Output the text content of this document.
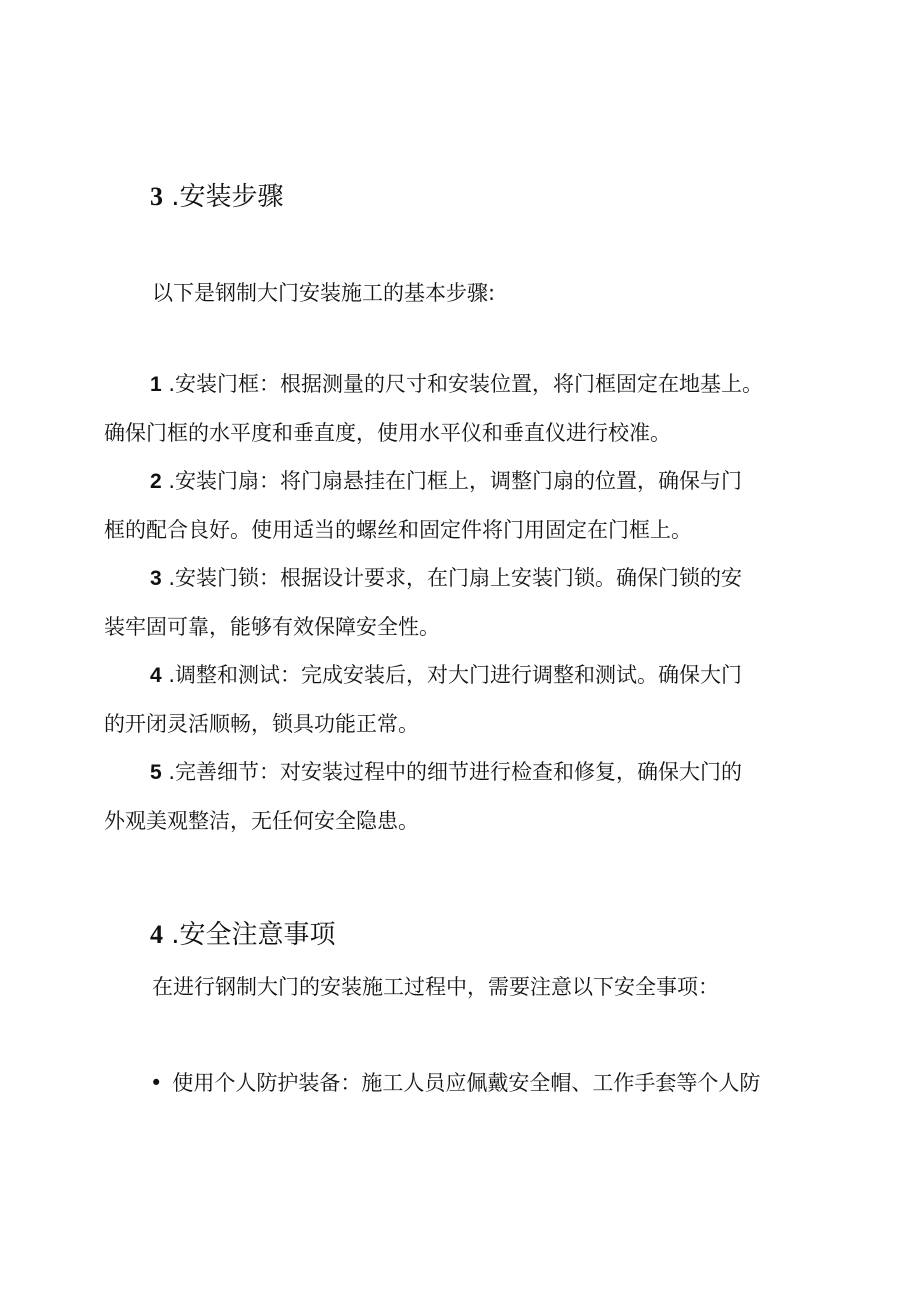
3 .安装步骤
以下是钢制大门安装施工的基本步骤:
1 .安装门框：根据测量的尺寸和安装位置，将门框固定在地基上。
确保门框的水平度和垂直度，使用水平仪和垂直仪进行校准。
2 .安装门扇：将门扇悬挂在门框上，调整门扇的位置，确保与门
框的配合良好。使用适当的螺丝和固定件将门用固定在门框上。
3 .安装门锁：根据设计要求，在门扇上安装门锁。确保门锁的安
装牢固可靠，能够有效保障安全性。
4 .调整和测试：完成安装后，对大门进行调整和测试。确保大门
的开闭灵活顺畅，锁具功能正常。
5 .完善细节：对安装过程中的细节进行检查和修复，确保大门的
外观美观整洁，无任何安全隐患。
4 .安全注意事项
在进行钢制大门的安装施工过程中，需要注意以下安全事项：
• 使用个人防护装备：施工人员应佩戴安全帽、工作手套等个人防
